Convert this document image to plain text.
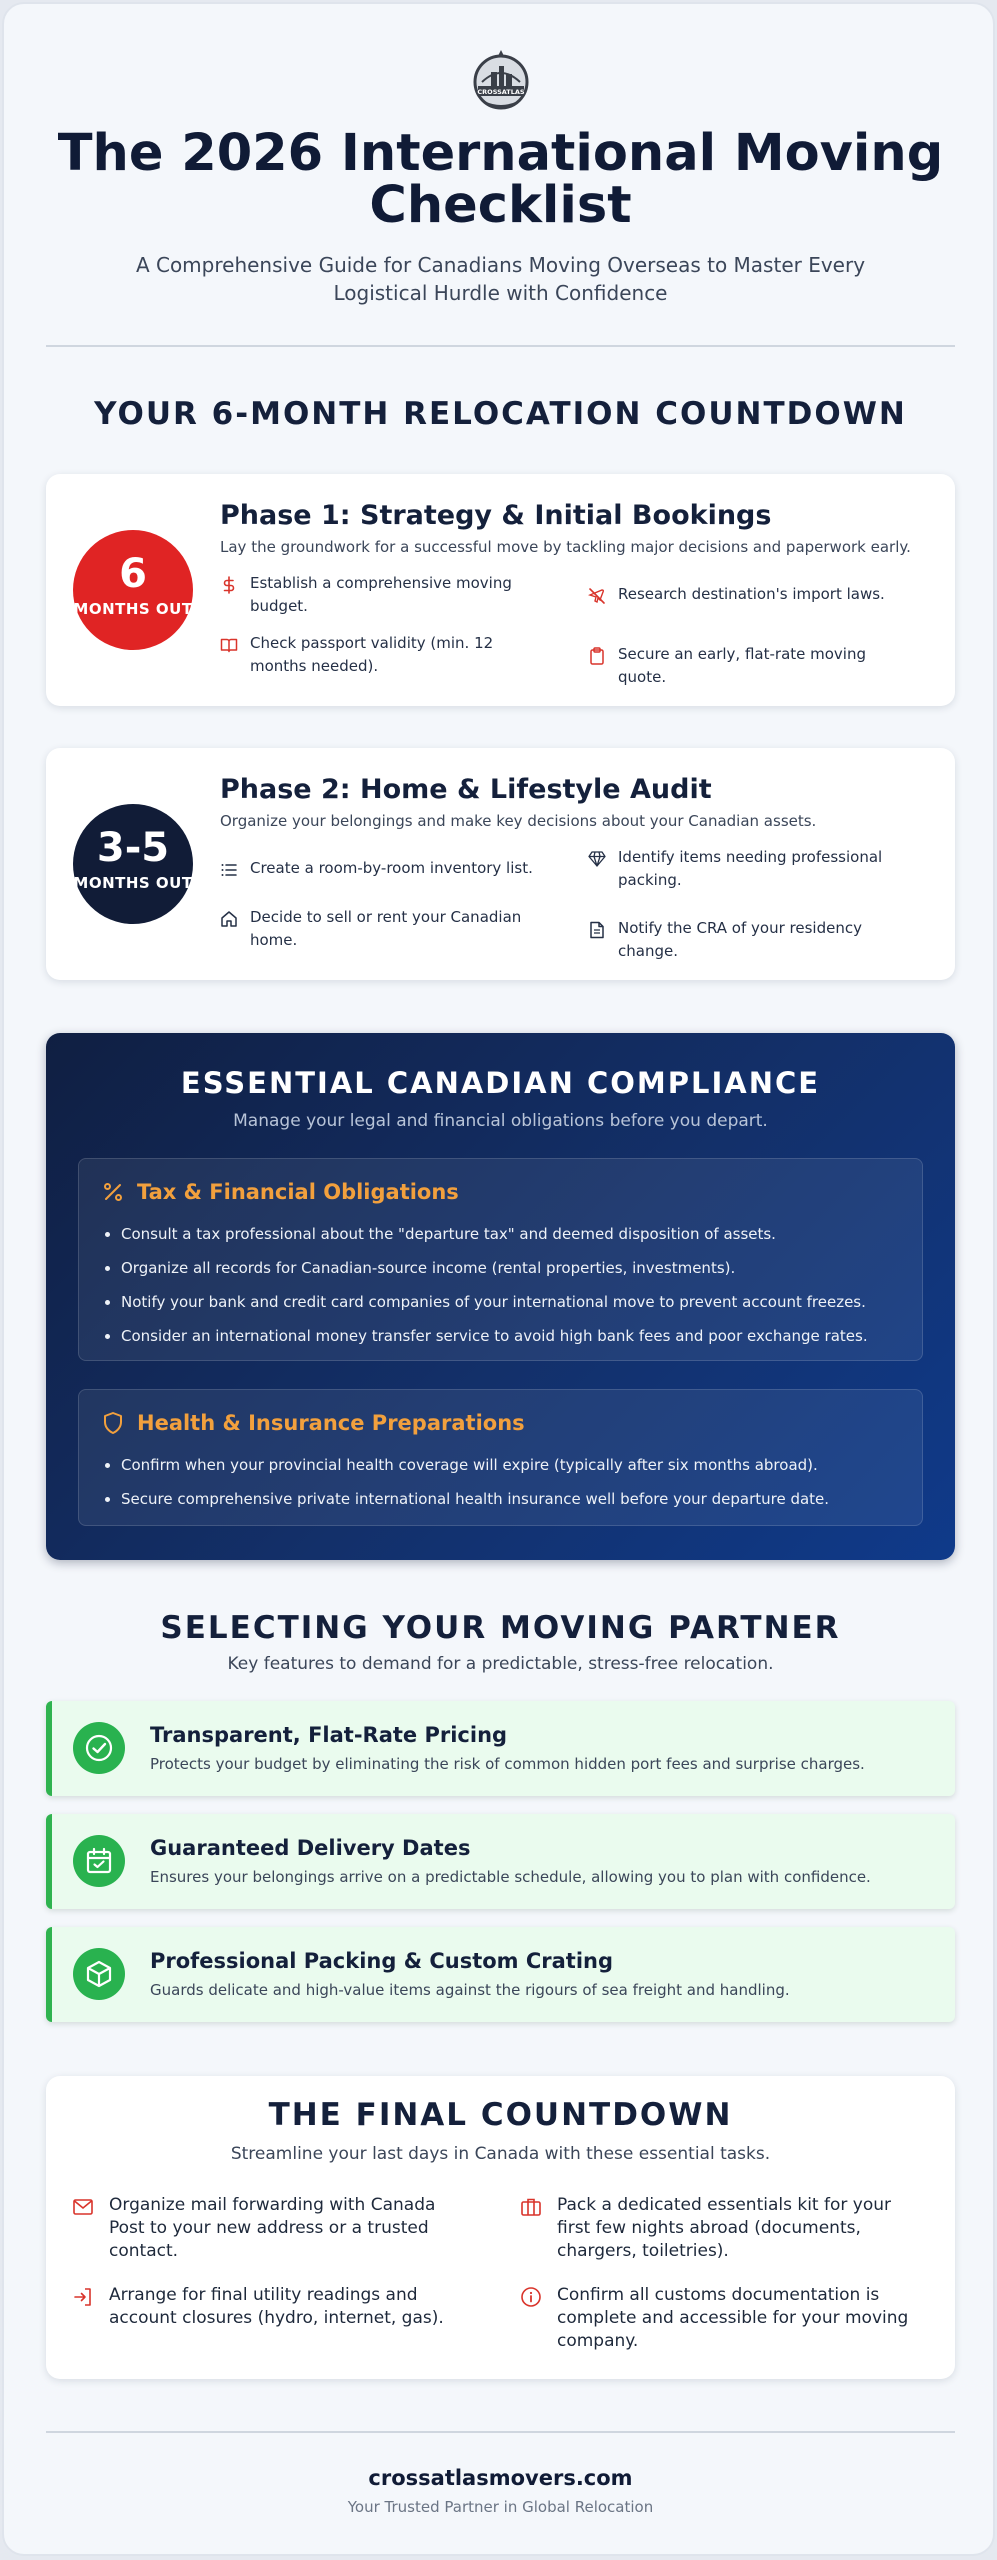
CROSSATLAS
The 2026 International Moving Checklist
A Comprehensive Guide for Canadians Moving Overseas to Master Every Logistical Hurdle with Confidence
YOUR 6-MONTH RELOCATION COUNTDOWN
6
MONTHS OUT
Phase 1: Strategy & Initial Bookings
Lay the groundwork for a successful move by tackling major decisions and paperwork early.
Establish a comprehensive moving budget.
Research destination's import laws.
Check passport validity (min. 12 months needed).
Secure an early, flat-rate moving quote.
3-5
MONTHS OUT
Phase 2: Home & Lifestyle Audit
Organize your belongings and make key decisions about your Canadian assets.
Create a room-by-room inventory list.
Identify items needing professional packing.
Decide to sell or rent your Canadian home.
Notify the CRA of your residency change.
ESSENTIAL CANADIAN COMPLIANCE
Manage your legal and financial obligations before you depart.
Tax & Financial Obligations
• Consult a tax professional about the "departure tax" and deemed disposition of assets.
• Organize all records for Canadian-source income (rental properties, investments).
• Notify your bank and credit card companies of your international move to prevent account freezes.
• Consider an international money transfer service to avoid high bank fees and poor exchange rates.
Health & Insurance Preparations
• Confirm when your provincial health coverage will expire (typically after six months abroad).
• Secure comprehensive private international health insurance well before your departure date.
SELECTING YOUR MOVING PARTNER
Key features to demand for a predictable, stress-free relocation.
Transparent, Flat-Rate Pricing
Protects your budget by eliminating the risk of common hidden port fees and surprise charges.
Guaranteed Delivery Dates
Ensures your belongings arrive on a predictable schedule, allowing you to plan with confidence.
Professional Packing & Custom Crating
Guards delicate and high-value items against the rigours of sea freight and handling.
THE FINAL COUNTDOWN
Streamline your last days in Canada with these essential tasks.
Organize mail forwarding with Canada Post to your new address or a trusted contact.
Pack a dedicated essentials kit for your first few nights abroad (documents, chargers, toiletries).
Arrange for final utility readings and account closures (hydro, internet, gas).
Confirm all customs documentation is complete and accessible for your moving company.
crossatlasmovers.com
Your Trusted Partner in Global Relocation
